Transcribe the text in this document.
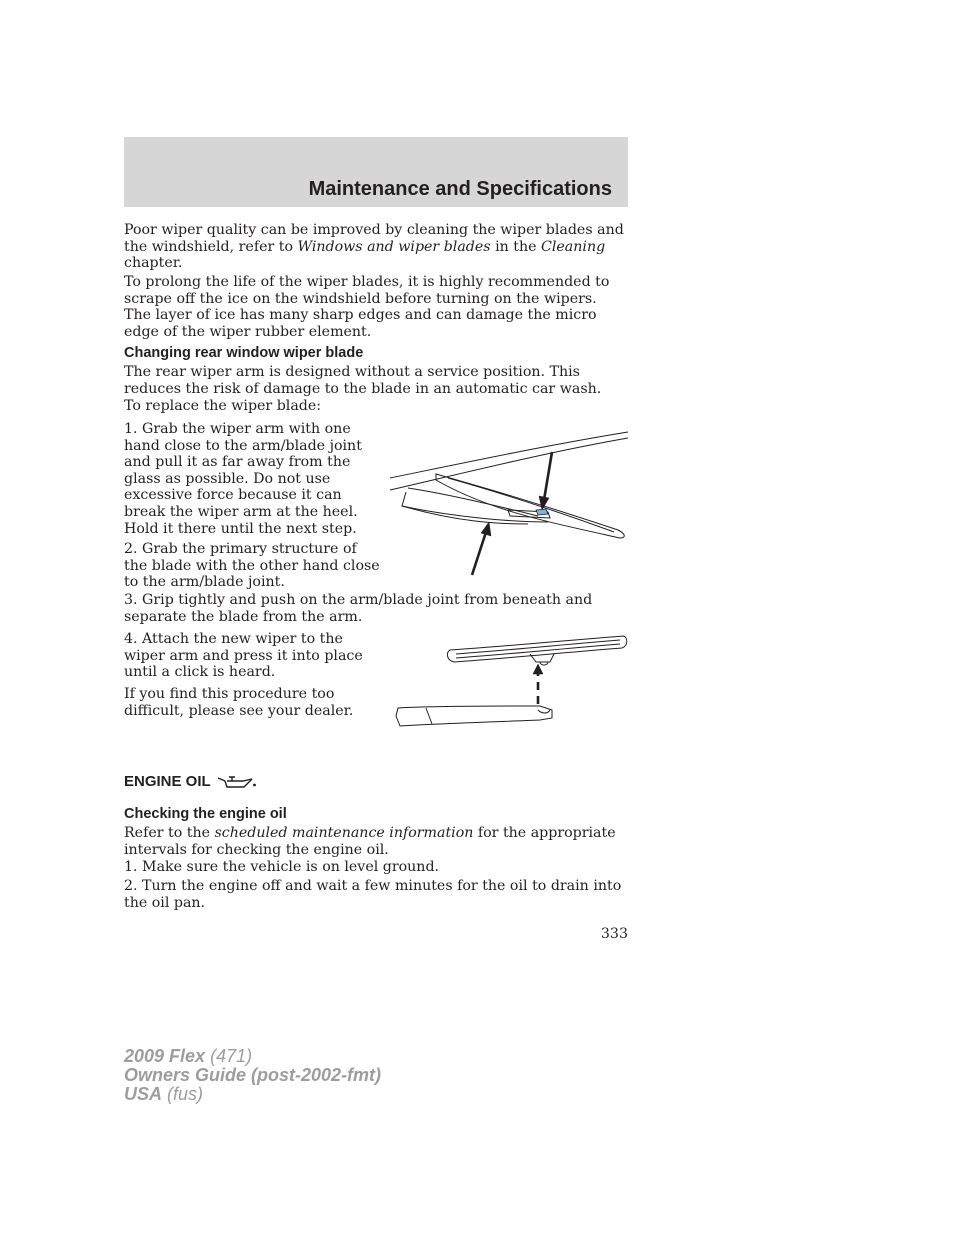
Maintenance and Specifications

Poor wiper quality can be improved by cleaning the wiper blades and the windshield, refer to Windows and wiper blades in the Cleaning chapter.

To prolong the life of the wiper blades, it is highly recommended to scrape off the ice on the windshield before turning on the wipers. The layer of ice has many sharp edges and can damage the micro edge of the wiper rubber element.

Changing rear window wiper blade

The rear wiper arm is designed without a service position. This reduces the risk of damage to the blade in an automatic car wash.

To replace the wiper blade:

1. Grab the wiper arm with one hand close to the arm/blade joint and pull it as far away from the glass as possible. Do not use excessive force because it can break the wiper arm at the heel. Hold it there until the next step.

2. Grab the primary structure of the blade with the other hand close to the arm/blade joint.

3. Grip tightly and push on the arm/blade joint from beneath and separate the blade from the arm.

4. Attach the new wiper to the wiper arm and press it into place until a click is heard.

If you find this procedure too difficult, please see your dealer.

ENGINE OIL
Checking the engine oil

Refer to the scheduled maintenance information for the appropriate intervals for checking the engine oil.

1. Make sure the vehicle is on level ground.

2. Turn the engine off and wait a few minutes for the oil to drain into the oil pan.

333
2009 Flex (471)
Owners Guide (post-2002-fmt)
USA (fus)
